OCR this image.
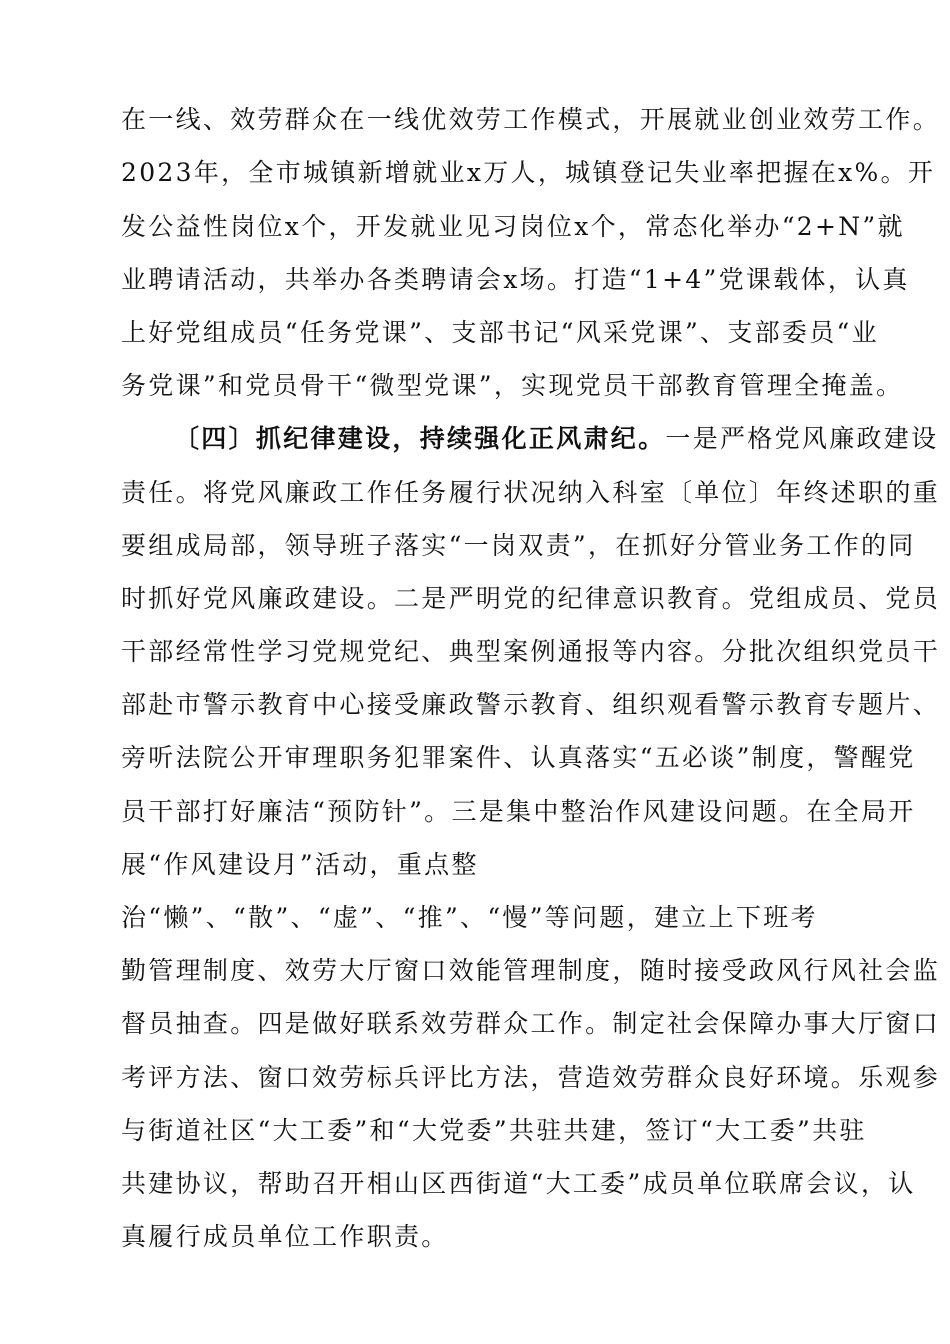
在一线、效劳群众在一线优效劳工作模式，开展就业创业效劳工作。
2023年，全市城镇新增就业x万人，城镇登记失业率把握在x%。开
发公益性岗位x个，开发就业见习岗位x个，常态化举办“2+N”就
业聘请活动，共举办各类聘请会x场。打造“1+4”党课载体，认真
上好党组成员“任务党课”、支部书记“风采党课”、支部委员“业
务党课”和党员骨干“微型党课”，实现党员干部教育管理全掩盖。
〔四〕抓纪律建设，持续强化正风肃纪。一是严格党风廉政建设
责任。将党风廉政工作任务履行状况纳入科室〔单位〕年终述职的重
要组成局部，领导班子落实“一岗双责”，在抓好分管业务工作的同
时抓好党风廉政建设。二是严明党的纪律意识教育。党组成员、党员
干部经常性学习党规党纪、典型案例通报等内容。分批次组织党员干
部赴市警示教育中心接受廉政警示教育、组织观看警示教育专题片、
旁听法院公开审理职务犯罪案件、认真落实“五必谈”制度，警醒党
员干部打好廉洁“预防针”。三是集中整治作风建设问题。在全局开
展“作风建设月”活动，重点整
治“懒”、“散”、“虚”、“推”、“慢”等问题，建立上下班考
勤管理制度、效劳大厅窗口效能管理制度，随时接受政风行风社会监
督员抽查。四是做好联系效劳群众工作。制定社会保障办事大厅窗口
考评方法、窗口效劳标兵评比方法，营造效劳群众良好环境。乐观参
与街道社区“大工委”和“大党委”共驻共建，签订“大工委”共驻
共建协议，帮助召开相山区西街道“大工委”成员单位联席会议，认
真履行成员单位工作职责。
